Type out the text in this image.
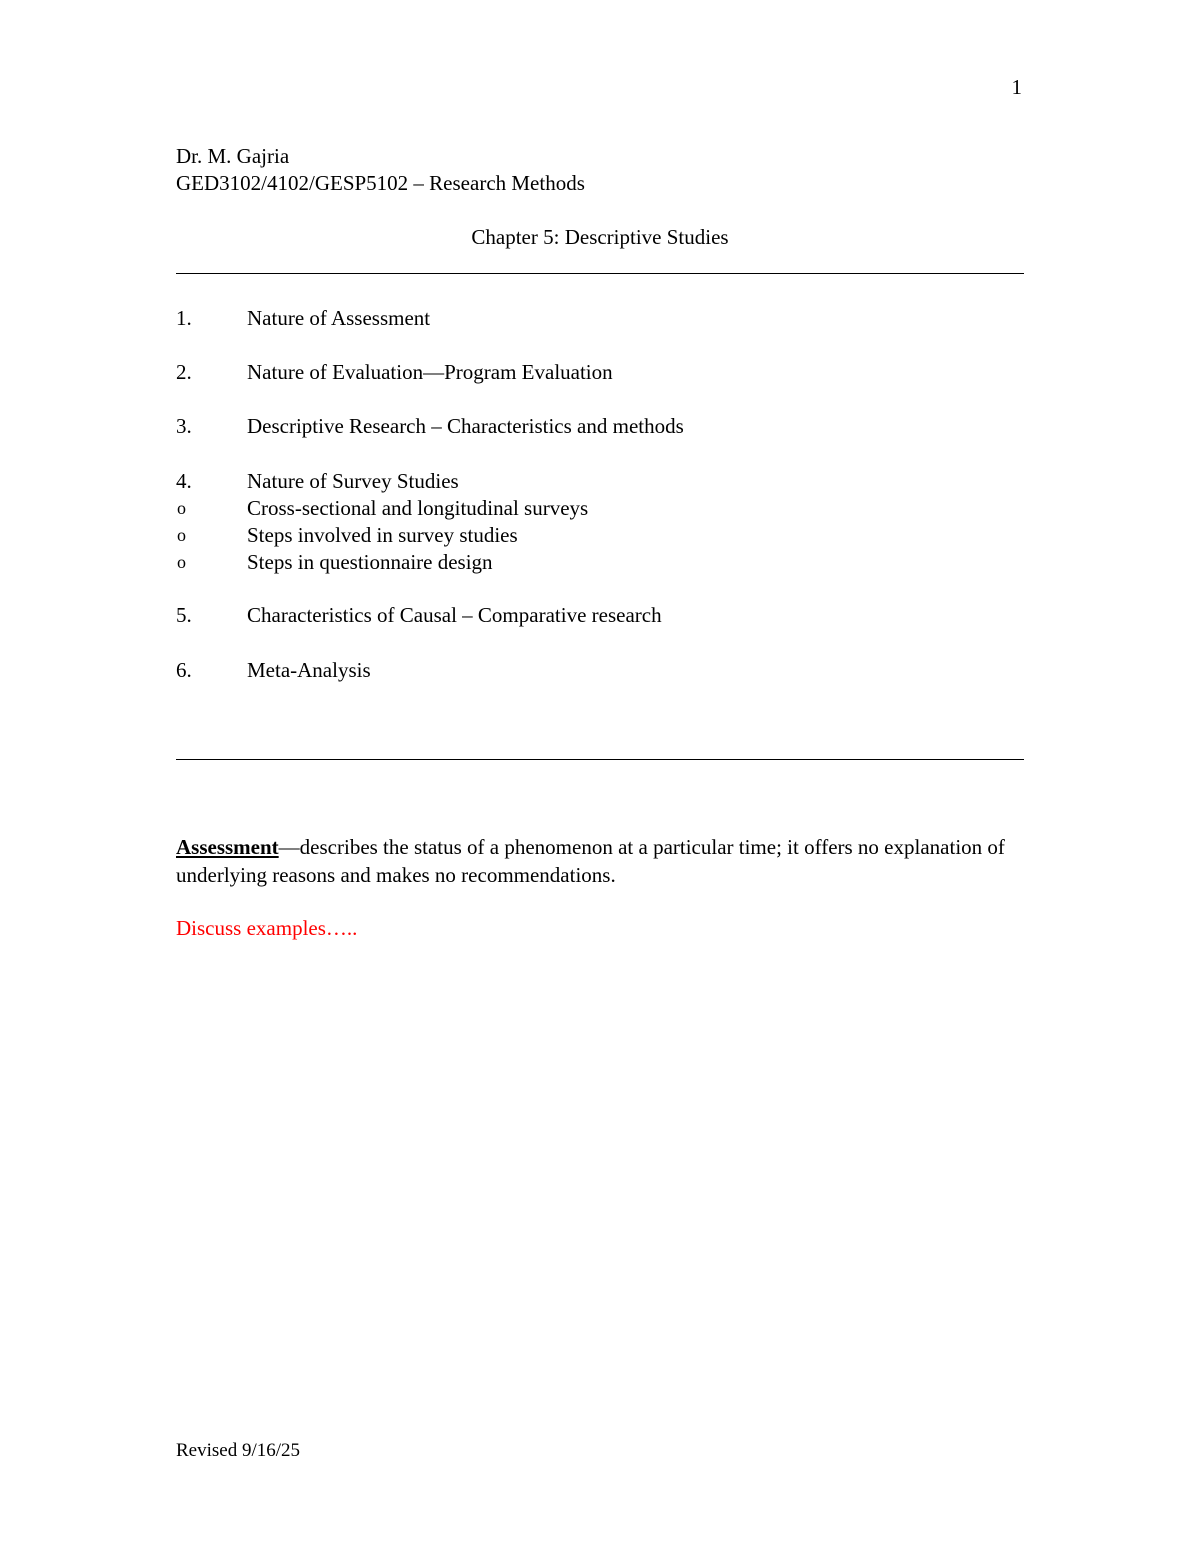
1
Dr. M. Gajria
GED3102/4102/GESP5102 – Research Methods
Chapter 5: Descriptive Studies
1.	Nature of Assessment
2.	Nature of Evaluation—Program Evaluation
3.	Descriptive Research – Characteristics and methods
4.	Nature of Survey Studies
o	Cross-sectional and longitudinal surveys
o	Steps involved in survey studies
o	Steps in questionnaire design
5.	Characteristics of Causal – Comparative research
6.	Meta-Analysis
Assessment—describes the status of a phenomenon at a particular time; it offers no explanation of underlying reasons and makes no recommendations.
Discuss examples…..
Revised 9/16/25
